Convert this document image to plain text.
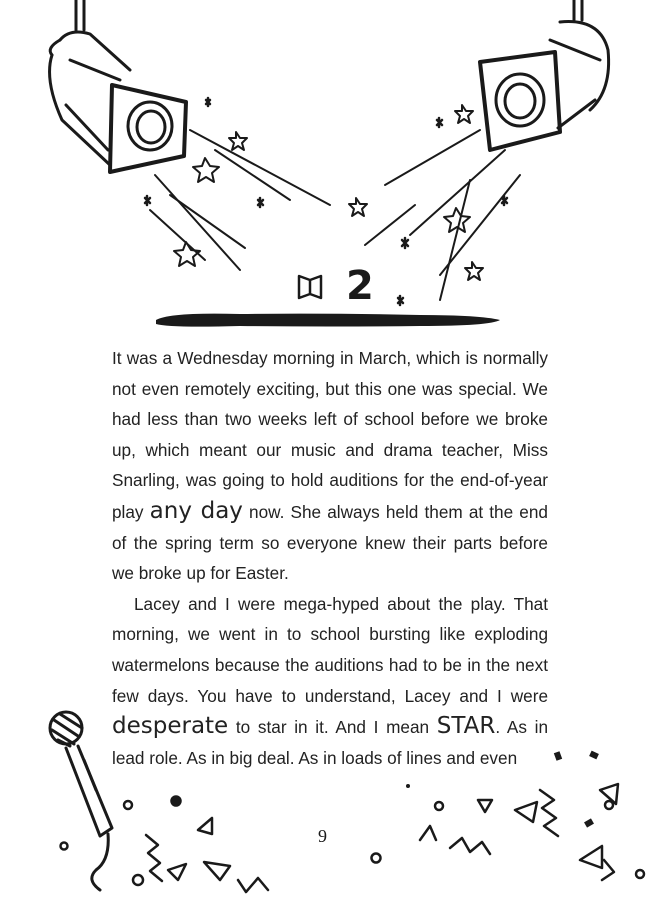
2

It was a Wednesday morning in March, which is normally not even remotely exciting, but this one was special. We had less than two weeks left of school before we broke up, which meant our music and drama teacher, Miss Snarling, was going to hold auditions for the end-of-year play any day now. She always held them at the end of the spring term so everyone knew their parts before we broke up for Easter.

Lacey and I were mega-hyped about the play. That morning, we went in to school bursting like exploding watermelons because the auditions had to be in the next few days. You have to understand, Lacey and I were desperate to star in it. And I mean STAR. As in lead role. As in big deal. As in loads of lines and even

9
